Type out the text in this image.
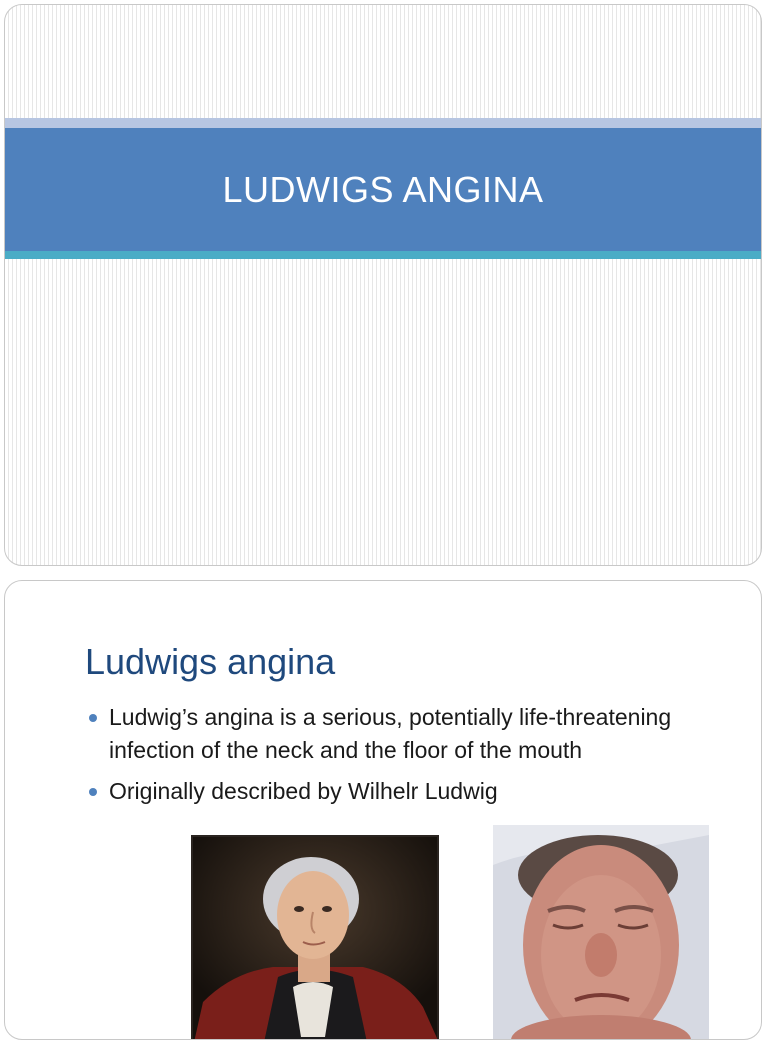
LUDWIGS ANGINA
Ludwigs angina
Ludwig’s angina is a serious, potentially life-threatening infection of the neck and the floor of the mouth
Originally described by Wilhelr Ludwig
